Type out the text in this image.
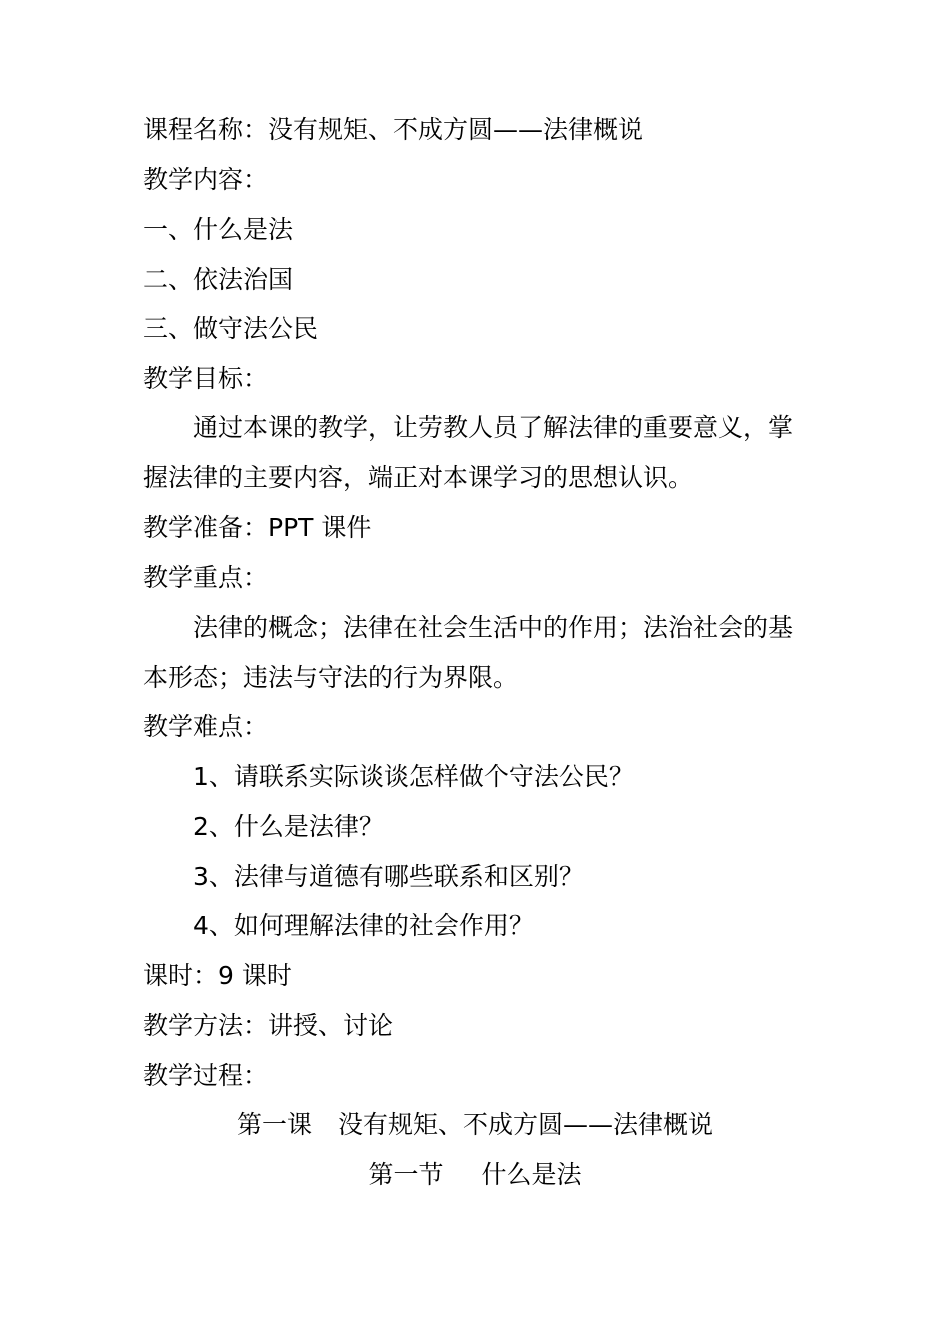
课程名称：没有规矩、不成方圆——法律概说
教学内容：
一、什么是法
二、依法治国
三、做守法公民
教学目标：
通过本课的教学，让劳教人员了解法律的重要意义，掌
握法律的主要内容，端正对本课学习的思想认识。
教学准备：PPT 课件
教学重点：
法律的概念；法律在社会生活中的作用；法治社会的基
本形态；违法与守法的行为界限。
教学难点：
1、请联系实际谈谈怎样做个守法公民？
2、什么是法律？
3、法律与道德有哪些联系和区别？
4、如何理解法律的社会作用？
课时：9 课时
教学方法：讲授、讨论
教学过程：
第一课 没有规矩、不成方圆——法律概说
第一节 什么是法
